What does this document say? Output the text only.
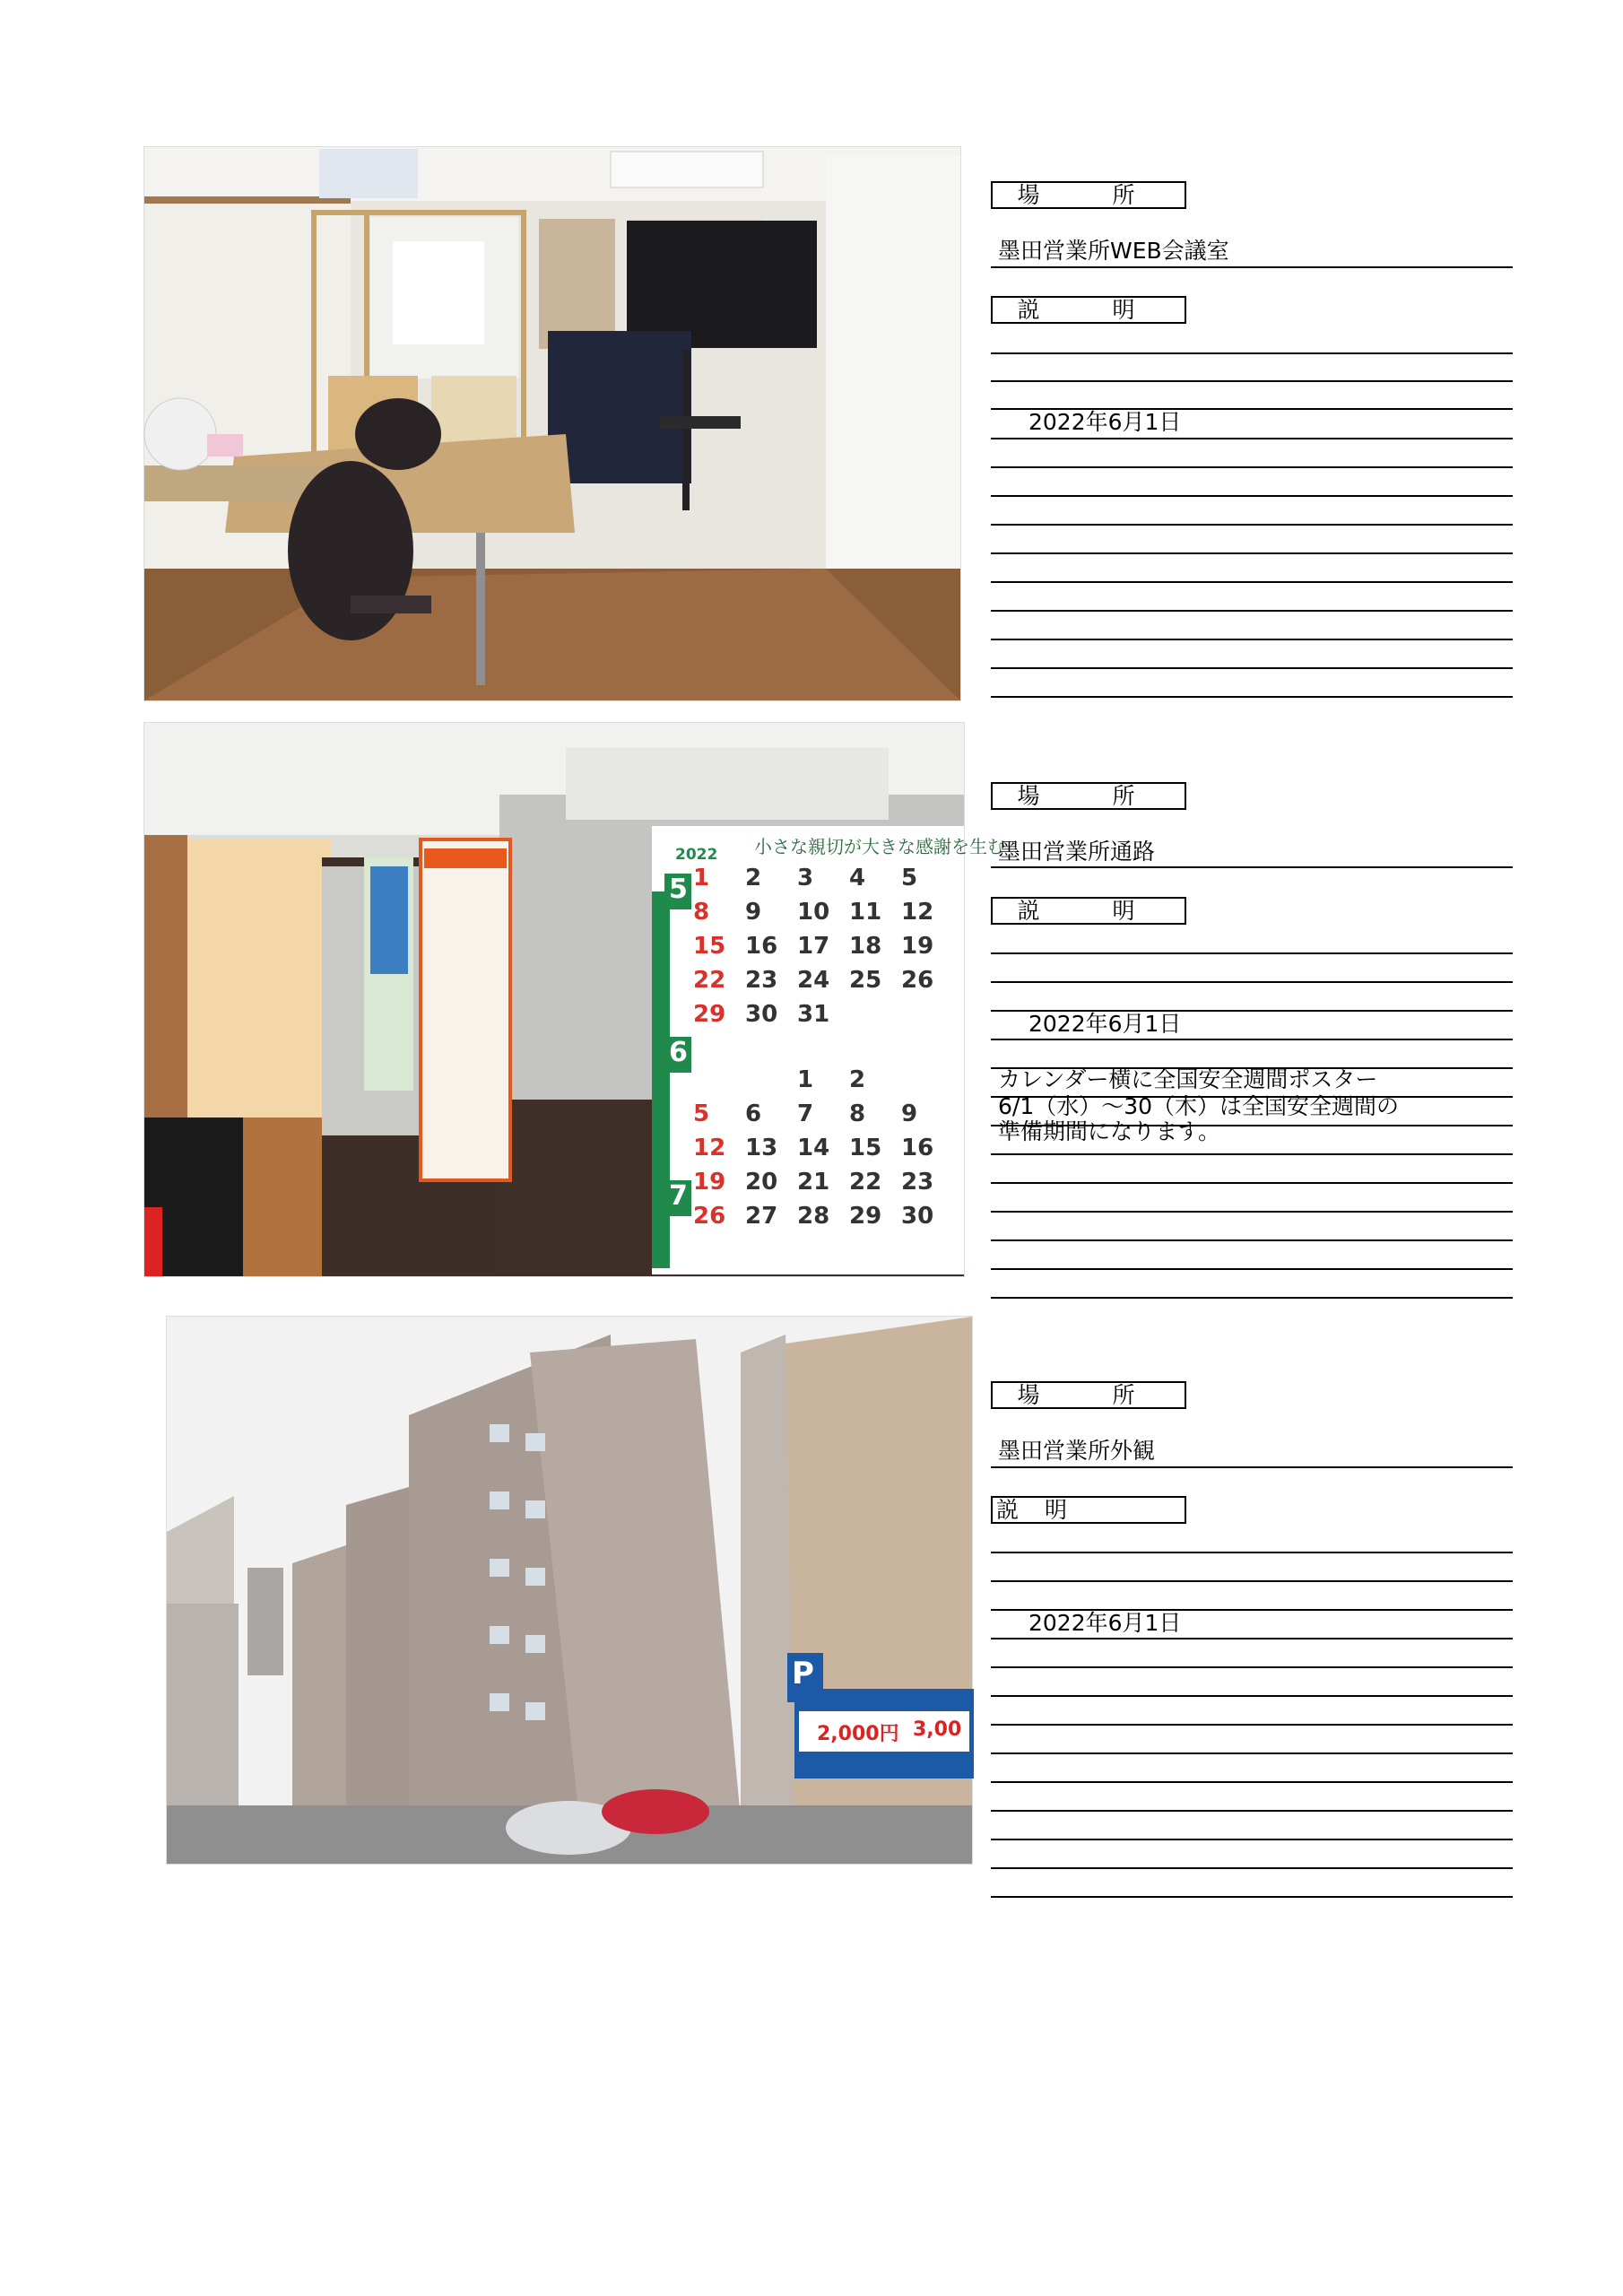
場　所
墨田営業所WEB会議室
説　明
2022年6月1日
小さな親切が大きな感謝を生む
2022
5
6
7
1 2 3 4 5
8 9 10 11 12
15 16 17 18 19
22 23 24 25 26
29 30 31
1 2
5 6 7 8 9
12 13 14 15 16
19 20 21 22 23
26 27 28 29 30
場　所
墨田営業所通路
説　明
2022年6月1日
カレンダー横に全国安全週間ポスター
6/1（水）～30（木）は全国安全週間の
準備期間になります。
P
2,000円 3,00
場　所
墨田営業所外観
説　明
2022年6月1日
